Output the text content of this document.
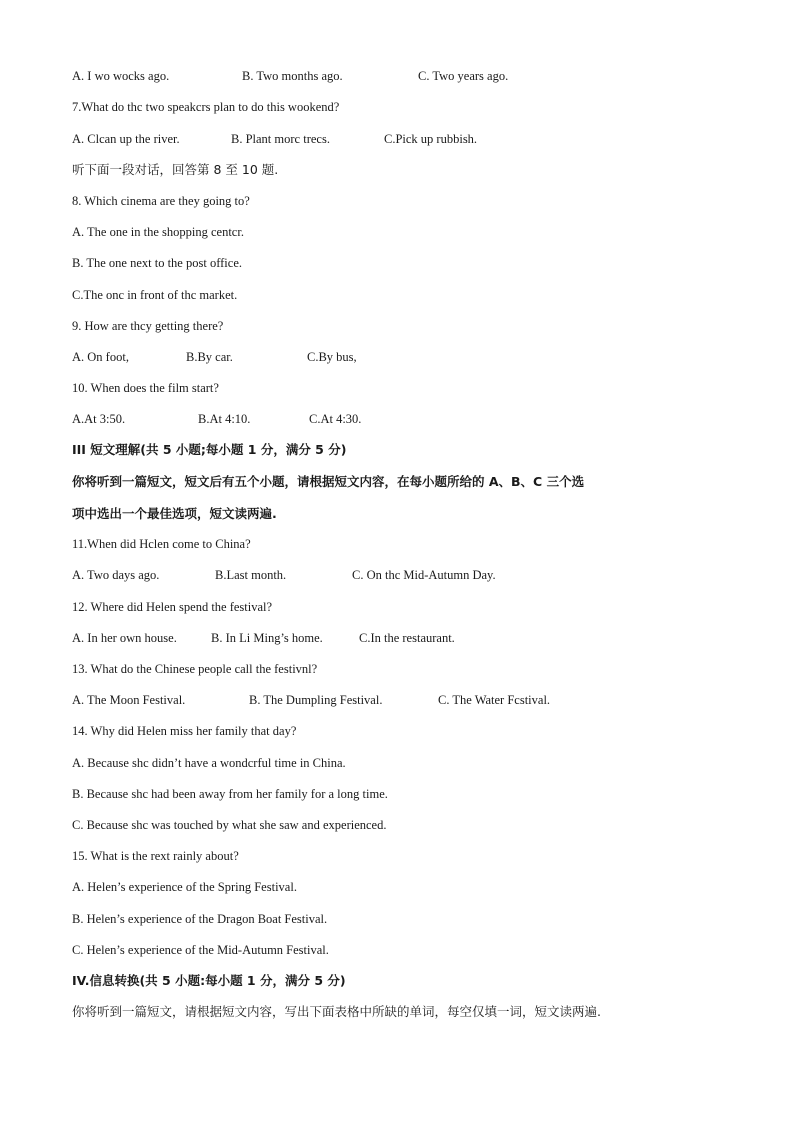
A. I wo wocks ago.	B. Two months ago.	C. Two years ago.
7.What do thc two speakcrs plan to do this wookend?
A. Clcan up the river.	B. Plant morc trecs.	C.Pick up rubbish.
听下面一段对话，回答第 8 至 10 题.
8. Which cinema are they going to?
A. The one in the shopping centcr.
B. The one next to the post office.
C.The onc in front of thc market.
9. How are thcy getting there?
A. On foot,	B.By car.	C.By bus,
10. When does the film start?
A.At 3:50.	B.At 4:10.	C.At 4:30.
III 短文理解(共 5 小题;每小题 1 分，满分 5 分)
你将听到一篇短文，短文后有五个小题，请根据短文内容，在每小题所给的 A、B、C 三个选
项中选出一个最佳选项，短文读两遍.
11.When did Hclen come to China?
A. Two days ago.	B.Last month.	C. On thc Mid-Autumn Day.
12. Where did Helen spend the festival?
A. In her own house.	B. In Li Ming’s home.	C.In the restaurant.
13. What do the Chinese people call the festivnl?
A. The Moon Festival.	B. The Dumpling Festival.	C. The Water Fcstival.
14. Why did Helen miss her family that day?
A. Because shc didn’t have a wondcrful time in China.
B. Because shc had been away from her family for a long time.
C. Because shc was touched by what she saw and experienced.
15. What is the rext rainly about?
A. Helen’s experience of the Spring Festival.
B. Helen’s experience of the Dragon Boat Festival.
C. Helen’s experience of the Mid-Autumn Festival.
IV.信息转换(共 5 小题:每小题 1 分，满分 5 分)
你将听到一篇短文，请根据短文内容，写出下面表格中所缺的单词，每空仅填一词，短文读两遍.
